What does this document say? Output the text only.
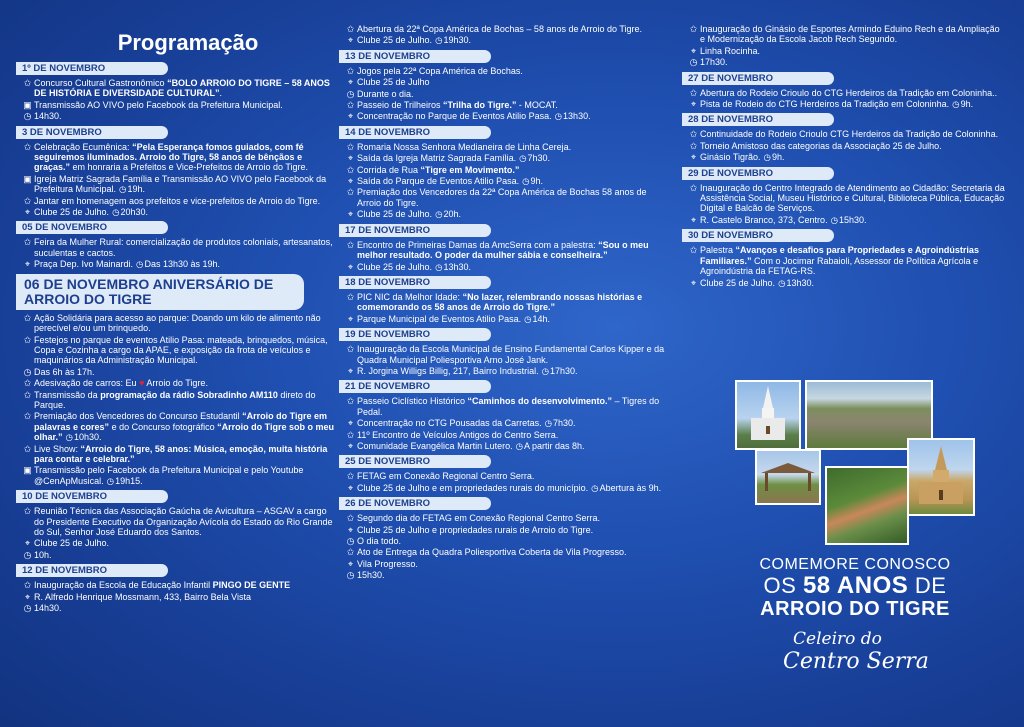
Programação
1º DE NOVEMBRO
✩ Concurso Cultural Gastronômico “BOLO ARROIO DO TIGRE – 58 ANOS DE HISTÓRIA E DIVERSIDADE CULTURAL”.
▣ Transmissão AO VIVO pelo Facebook da Prefeitura Municipal.
◷ 14h30.
3 DE NOVEMBRO
✩ Celebração Ecumênica: “Pela Esperança fomos guiados, com fé seguiremos iluminados. Arroio do Tigre, 58 anos de bênçãos e graças.” em honraria a Prefeitos e Vice-Prefeitos de Arroio do Tigre.
▣ Igreja Matriz Sagrada Família e Transmissão AO VIVO pelo Facebook da Prefeitura Municipal. ◷19h.
✩ Jantar em homenagem aos prefeitos e vice-prefeitos de Arroio do Tigre.
⌖ Clube 25 de Julho. ◷20h30.
05 DE NOVEMBRO
✩ Feira da Mulher Rural: comercialização de produtos coloniais, artesanatos, suculentas e cactos.
⌖ Praça Dep. Ivo Mainardi. ◷Das 13h30 às 19h.
06 DE NOVEMBRO ANIVERSÁRIO DE ARROIO DO TIGRE
✩ Ação Solidária para acesso ao parque: Doando um kilo de alimento não perecível e/ou um brinquedo.
✩ Festejos no parque de eventos Atilio Pasa: mateada, brinquedos, música, Copa e Cozinha a cargo da APAE, e exposição da frota de veículos e maquinários da Administração Municipal.
◷ Das 6h às 17h.
✩ Adesivação de carros: Eu ♥ Arroio do Tigre.
✩ Transmissão da programação da rádio Sobradinho AM110 direto do Parque.
✩ Premiação dos Vencedores do Concurso Estudantil “Arroio do Tigre em palavras e cores” e do Concurso fotográfico “Arroio do Tigre sob o meu olhar.” ◷10h30.
✩ Live Show: “Arroio do Tigre, 58 anos: Música, emoção, muita história para contar e celebrar.”
▣ Transmissão pelo Facebook da Prefeitura Municipal e pelo Youtube @CenApMusical. ◷19h15.
10 DE NOVEMBRO
✩ Reunião Técnica das Associação Gaúcha de Avicultura – ASGAV a cargo do Presidente Executivo da Organização Avícola do Estado do Rio Grande do Sul, Senhor José Eduardo dos Santos.
⌖ Clube 25 de Julho.
◷ 10h.
12 DE NOVEMBRO
✩ Inauguração da Escola de Educação Infantil PINGO DE GENTE
⌖ R. Alfredo Henrique Mossmann, 433, Bairro Bela Vista
◷ 14h30.
✩ Abertura da 22ª Copa América de Bochas – 58 anos de Arroio do Tigre.
⌖ Clube 25 de Julho. ◷19h30.
13 DE NOVEMBRO
✩ Jogos pela 22ª Copa América de Bochas.
⌖ Clube 25 de Julho
◷ Durante o dia.
✩ Passeio de Trilheiros “Trilha do Tigre.” - MOCAT.
⌖ Concentração no Parque de Eventos Atilio Pasa. ◷13h30.
14 DE NOVEMBRO
✩ Romaria Nossa Senhora Medianeira de Linha Cereja.
⌖ Saída da Igreja Matriz Sagrada Família. ◷7h30.
✩ Corrida de Rua “Tigre em Movimento.”
⌖ Saída do Parque de Eventos Atilio Pasa. ◷9h.
✩ Premiação dos Vencedores da 22ª Copa América de Bochas 58 anos de Arroio do Tigre.
⌖ Clube 25 de Julho. ◷20h.
17 DE NOVEMBRO
✩ Encontro de Primeiras Damas da AmcSerra com a palestra: “Sou o meu melhor resultado. O poder da mulher sábia e conselheira.”
⌖ Clube 25 de Julho. ◷13h30.
18 DE NOVEMBRO
✩ PIC NIC da Melhor Idade: “No lazer, relembrando nossas histórias e comemorando os 58 anos de Arroio do Tigre.”
⌖ Parque Municipal de Eventos Atilio Pasa. ◷14h.
19 DE NOVEMBRO
✩ Inauguração da Escola Municipal de Ensino Fundamental Carlos Kipper e da Quadra Municipal Poliesportiva Arno José Jank.
⌖ R. Jorgina Willigs Billig, 217, Bairro Industrial. ◷17h30.
21 DE NOVEMBRO
✩ Passeio Ciclístico Histórico “Caminhos do desenvolvimento.” – Tigres do Pedal.
⌖ Concentração no CTG Pousadas da Carretas. ◷7h30.
✩ 11º Encontro de Veículos Antigos do Centro Serra.
⌖ Comunidade Evangélica Martin Lutero. ◷A partir das 8h.
25 DE NOVEMBRO
✩ FETAG em Conexão Regional Centro Serra.
⌖ Clube 25 de Julho e em propriedades rurais do município. ◷Abertura às 9h.
26 DE NOVEMBRO
✩ Segundo dia do FETAG em Conexão Regional Centro Serra.
⌖ Clube 25 de Julho e propriedades rurais de Arroio do Tigre.
◷ O dia todo.
✩ Ato de Entrega da Quadra Poliesportiva Coberta de Vila Progresso.
⌖ Vila Progresso.
◷ 15h30.
✩ Inauguração do Ginásio de Esportes Armindo Eduino Rech e da Ampliação e Modernização da Escola Jacob Rech Segundo.
⌖ Linha Rocinha.
◷ 17h30.
27 DE NOVEMBRO
✩ Abertura do Rodeio Crioulo do CTG Herdeiros da Tradição em Coloninha..
⌖ Pista de Rodeio do CTG Herdeiros da Tradição em Coloninha. ◷9h.
28 DE NOVEMBRO
✩ Continuidade do Rodeio Crioulo CTG Herdeiros da Tradição de Coloninha.
✩ Torneio Amistoso das categorias da Associação 25 de Julho.
⌖ Ginásio Tigrão. ◷9h.
29 DE NOVEMBRO
✩ Inauguração do Centro Integrado de Atendimento ao Cidadão: Secretaria da Assistência Social, Museu Histórico e Cultural, Biblioteca Pública, Educação Digital e Balcão de Serviços.
⌖ R. Castelo Branco, 373, Centro. ◷15h30.
30 DE NOVEMBRO
✩ Palestra “Avanços e desafios para Propriedades e Agroindústrias Familiares.” Com o Jocimar Rabaioli, Assessor de Política Agrícola e Agroindústria da FETAG-RS.
⌖ Clube 25 de Julho. ◷13h30.
COMEMORE CONOSCO
OS 58 ANOS DE
ARROIO DO TIGRE
Celeiro do
Centro Serra
